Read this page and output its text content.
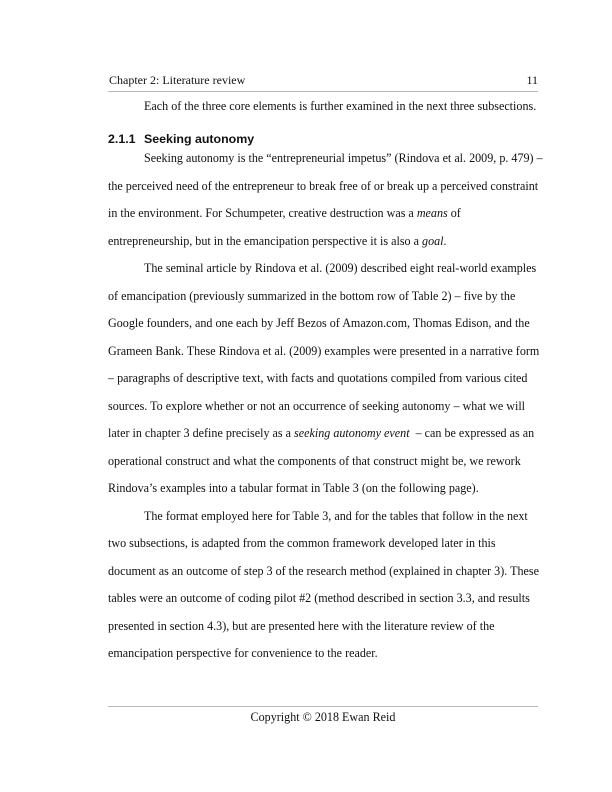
Chapter 2: Literature review	11
Each of the three core elements is further examined in the next three subsections.
2.1.1 Seeking autonomy
Seeking autonomy is the “entrepreneurial impetus” (Rindova et al. 2009, p. 479) –
the perceived need of the entrepreneur to break free of or break up a perceived constraint
in the environment. For Schumpeter, creative destruction was a means of
entrepreneurship, but in the emancipation perspective it is also a goal.
The seminal article by Rindova et al. (2009) described eight real-world examples
of emancipation (previously summarized in the bottom row of Table 2) – five by the
Google founders, and one each by Jeff Bezos of Amazon.com, Thomas Edison, and the
Grameen Bank. These Rindova et al. (2009) examples were presented in a narrative form
– paragraphs of descriptive text, with facts and quotations compiled from various cited
sources. To explore whether or not an occurrence of seeking autonomy – what we will
later in chapter 3 define precisely as a seeking autonomy event  – can be expressed as an
operational construct and what the components of that construct might be, we rework
Rindova’s examples into a tabular format in Table 3 (on the following page).
The format employed here for Table 3, and for the tables that follow in the next
two subsections, is adapted from the common framework developed later in this
document as an outcome of step 3 of the research method (explained in chapter 3). These
tables were an outcome of coding pilot #2 (method described in section 3.3, and results
presented in section 4.3), but are presented here with the literature review of the
emancipation perspective for convenience to the reader.
Copyright © 2018 Ewan Reid
